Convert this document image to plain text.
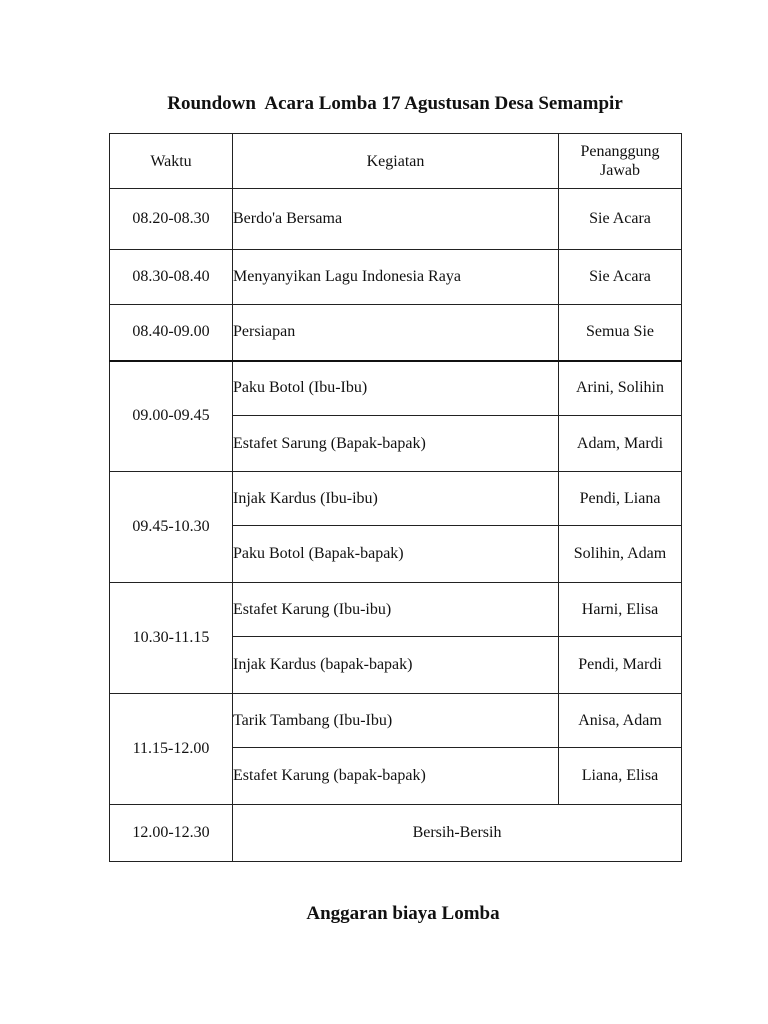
Roundown  Acara Lomba 17 Agustusan Desa Semampir
Waktu	Kegiatan	Penanggung
Jawab

08.20-08.30	Berdo'a Bersama	Sie Acara
08.30-08.40	Menyanyikan Lagu Indonesia Raya	Sie Acara
08.40-09.00	Persiapan	Semua Sie
09.00-09.45	Paku Botol (Ibu-Ibu)	Arini, Solihin
	Estafet Sarung (Bapak-bapak)	Adam, Mardi
09.45-10.30	Injak Kardus (Ibu-ibu)	Pendi, Liana
	Paku Botol (Bapak-bapak)	Solihin, Adam
10.30-11.15	Estafet Karung (Ibu-ibu)	Harni, Elisa
	Injak Kardus (bapak-bapak)	Pendi, Mardi
11.15-12.00	Tarik Tambang (Ibu-Ibu)	Anisa, Adam
	Estafet Karung (bapak-bapak)	Liana, Elisa
12.00-12.30	Bersih-Bersih	
Anggaran biaya Lomba
